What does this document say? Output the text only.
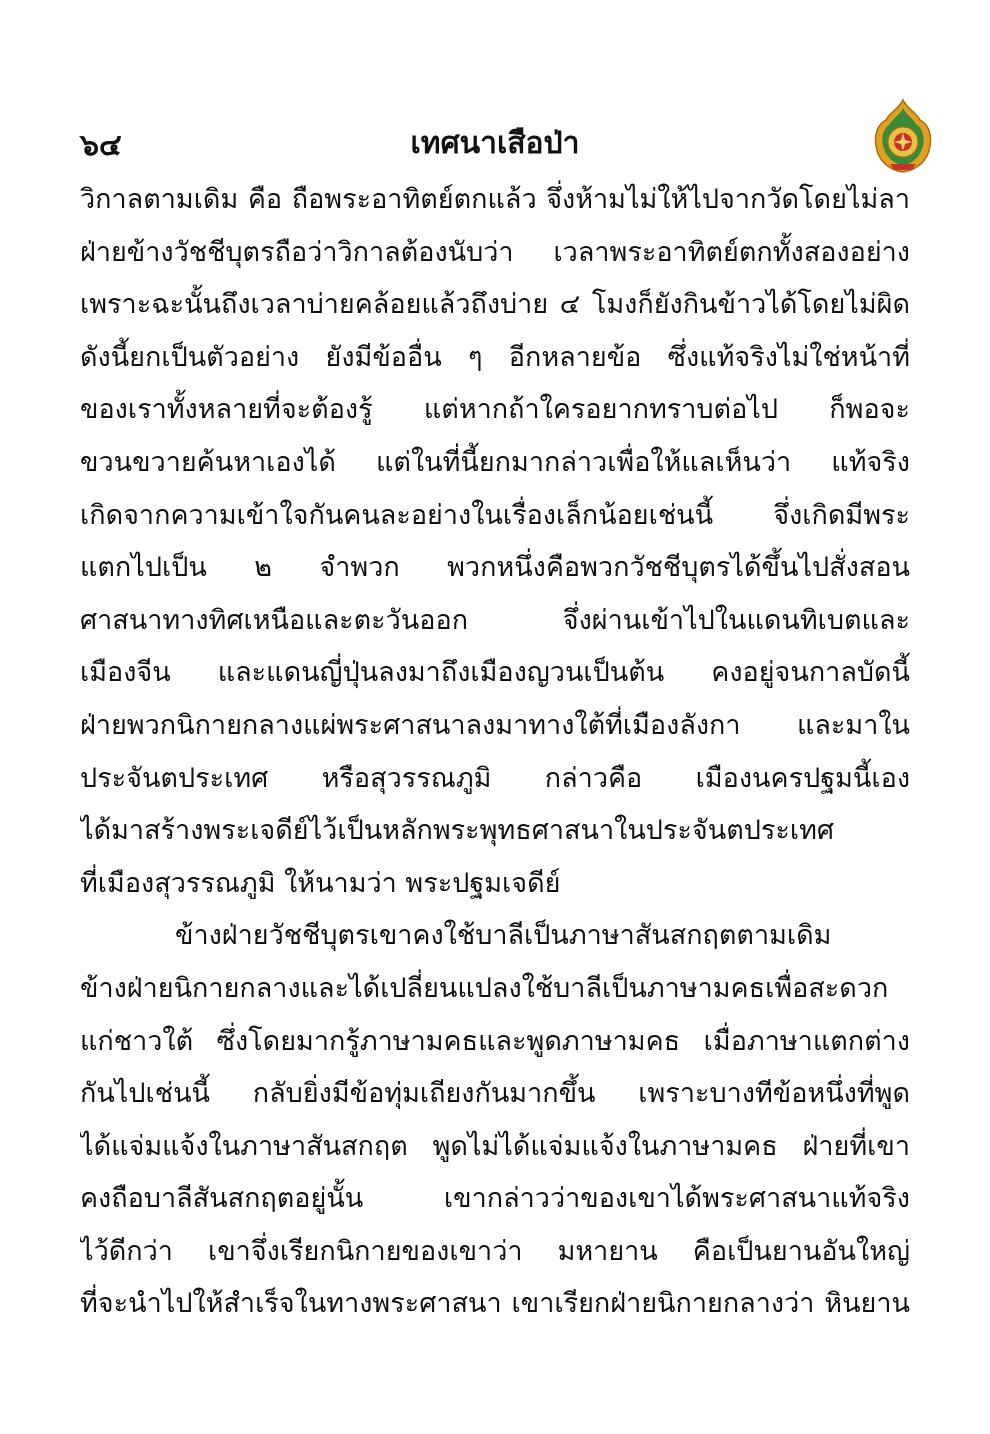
๖๔	เทศนาเสือป่า
วิกาลตามเดิม คือ ถือพระอาทิตย์ตกแล้ว จึ่งห้ามไม่ให้ไปจากวัดโดยไม่ลา
ฝ่ายข้างวัชชีบุตรถือว่าวิกาลต้องนับว่า เวลาพระอาทิตย์ตกทั้งสองอย่าง
เพราะฉะนั้นถึงเวลาบ่ายคล้อยแล้วถึงบ่าย ๔ โมงก็ยังกินข้าวได้โดยไม่ผิด
ดังนี้ยกเป็นตัวอย่าง ยังมีข้ออื่น ๆ อีกหลายข้อ ซึ่งแท้จริงไม่ใช่หน้าที่
ของเราทั้งหลายที่จะต้องรู้ แต่หากถ้าใครอยากทราบต่อไป ก็พอจะ
ขวนขวายค้นหาเองได้ แต่ในที่นี้ยกมากล่าวเพื่อให้แลเห็นว่า แท้จริง
เกิดจากความเข้าใจกันคนละอย่างในเรื่องเล็กน้อยเช่นนี้ จึ่งเกิดมีพระ
แตกไปเป็น ๒ จำพวก พวกหนึ่งคือพวกวัชชีบุตรได้ขึ้นไปสั่งสอน
ศาสนาทางทิศเหนือและตะวันออก จึ่งผ่านเข้าไปในแดนทิเบตและ
เมืองจีน และแดนญี่ปุ่นลงมาถึงเมืองญวนเป็นต้น คงอยู่จนกาลบัดนี้
ฝ่ายพวกนิกายกลางแผ่พระศาสนาลงมาทางใต้ที่เมืองลังกา และมาใน
ประจันตประเทศ หรือสุวรรณภูมิ กล่าวคือ เมืองนครปฐมนี้เอง
ได้มาสร้างพระเจดีย์ไว้เป็นหลักพระพุทธศาสนาในประจันตประเทศ
ที่เมืองสุวรรณภูมิ ให้นามว่า พระปฐมเจดีย์
ข้างฝ่ายวัชชีบุตรเขาคงใช้บาลีเป็นภาษาสันสกฤตตามเดิม
ข้างฝ่ายนิกายกลางและได้เปลี่ยนแปลงใช้บาลีเป็นภาษามคธเพื่อสะดวก
แก่ชาวใต้ ซึ่งโดยมากรู้ภาษามคธและพูดภาษามคธ เมื่อภาษาแตกต่าง
กันไปเช่นนี้ กลับยิ่งมีข้อทุ่มเถียงกันมากขึ้น เพราะบางทีข้อหนึ่งที่พูด
ได้แจ่มแจ้งในภาษาสันสกฤต พูดไม่ได้แจ่มแจ้งในภาษามคธ ฝ่ายที่เขา
คงถือบาลีสันสกฤตอยู่นั้น เขากล่าวว่าของเขาได้พระศาสนาแท้จริง
ไว้ดีกว่า เขาจึ่งเรียกนิกายของเขาว่า มหายาน คือเป็นยานอันใหญ่
ที่จะนำไปให้สำเร็จในทางพระศาสนา เขาเรียกฝ่ายนิกายกลางว่า หินยาน
